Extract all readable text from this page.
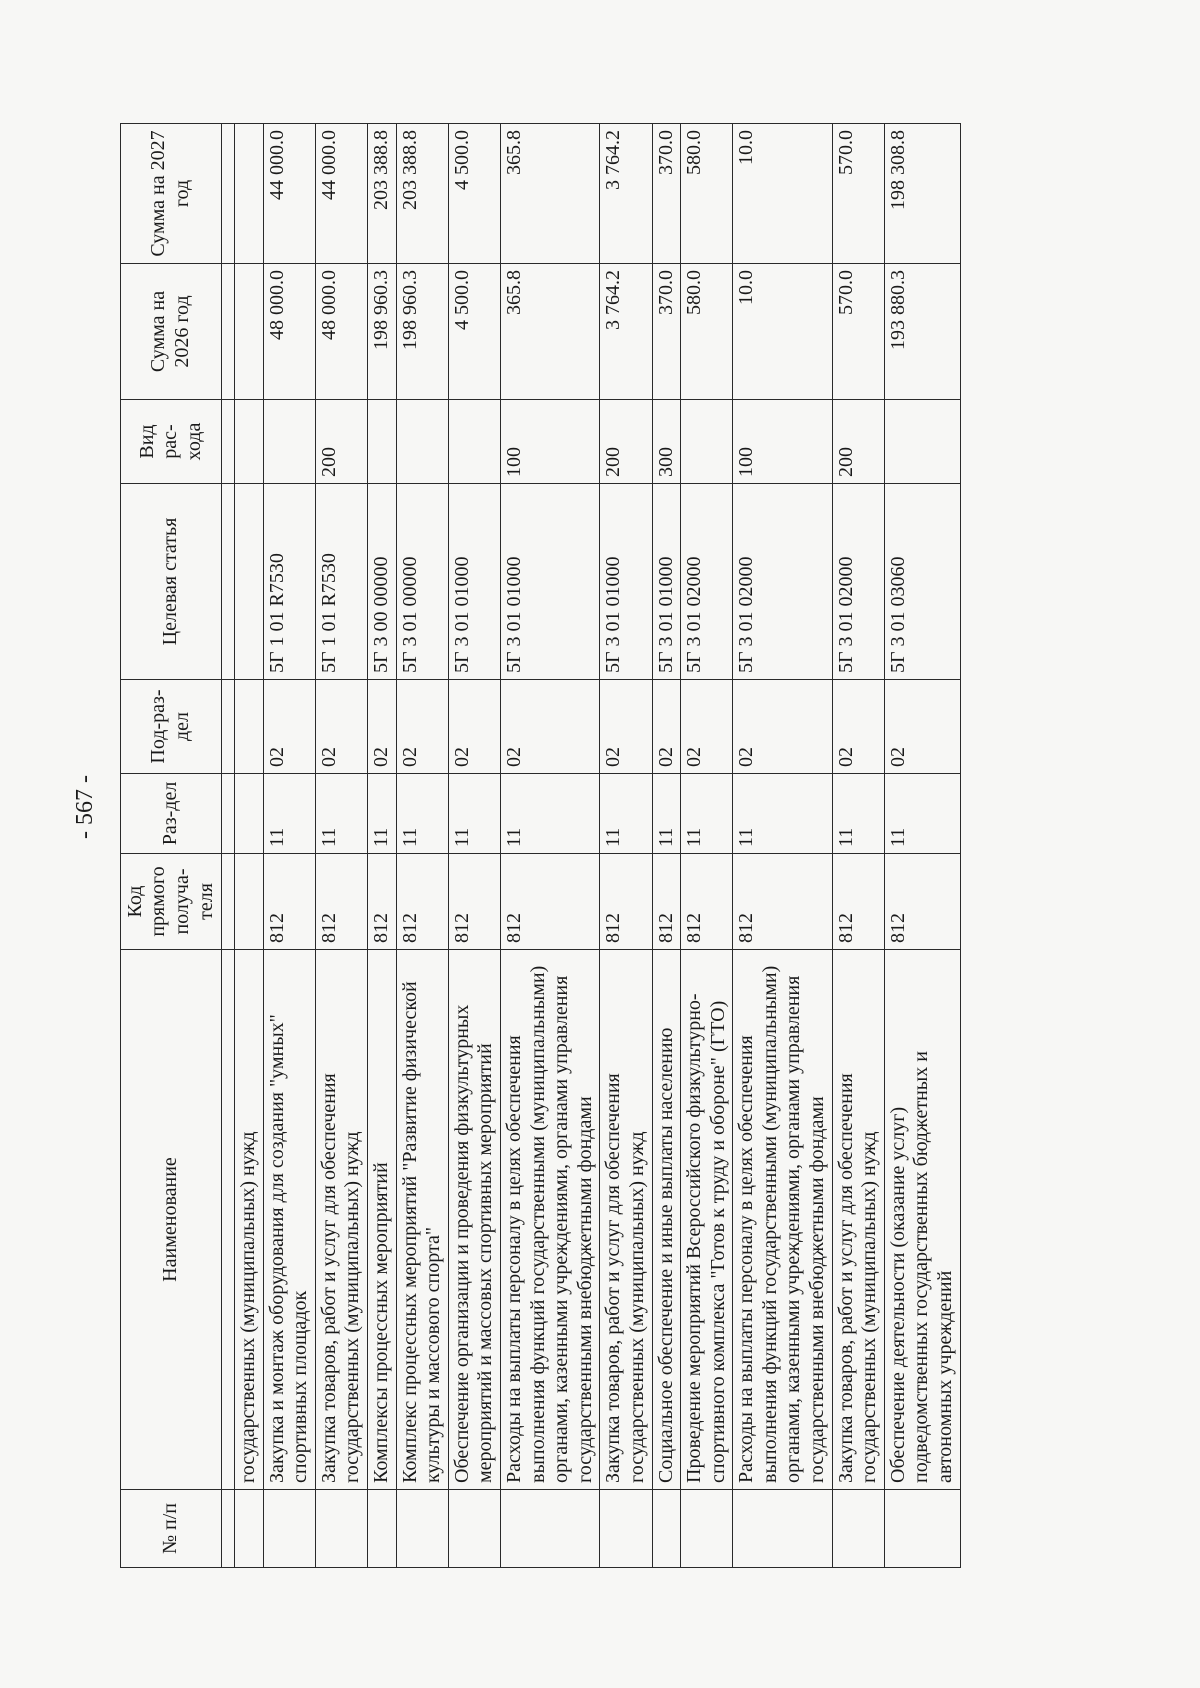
- 567 -
№ п/п	Наименование	Код прямого получа-теля	Раз-дел	Под-раз-дел	Целевая статья	Вид рас-хода	Сумма на 2026 год	Сумма на 2027 год

	государственных (муниципальных) нужд							
	Закупка и монтаж оборудования для создания "умных" спортивных площадок	812	11	02	5Г 1 01 R7530		48 000.0	44 000.0
	Закупка товаров, работ и услуг для обеспечения государственных (муниципальных) нужд	812	11	02	5Г 1 01 R7530	200	48 000.0	44 000.0
	Комплексы процессных мероприятий	812	11	02	5Г 3 00 00000		198 960.3	203 388.8
	Комплекс процессных мероприятий "Развитие физической культуры и массового спорта"	812	11	02	5Г 3 01 00000		198 960.3	203 388.8
	Обеспечение организации и проведения физкультурных мероприятий и массовых спортивных мероприятий	812	11	02	5Г 3 01 01000		4 500.0	4 500.0
	Расходы на выплаты персоналу в целях обеспечения выполнения функций государственными (муниципальными) органами, казенными учреждениями, органами управления государственными внебюджетными фондами	812	11	02	5Г 3 01 01000	100	365.8	365.8
	Закупка товаров, работ и услуг для обеспечения государственных (муниципальных) нужд	812	11	02	5Г 3 01 01000	200	3 764.2	3 764.2
	Социальное обеспечение и иные выплаты населению	812	11	02	5Г 3 01 01000	300	370.0	370.0
	Проведение мероприятий Всероссийского физкультурно-спортивного комплекса "Готов к труду и обороне" (ГТО)	812	11	02	5Г 3 01 02000		580.0	580.0
	Расходы на выплаты персоналу в целях обеспечения выполнения функций государственными (муниципальными) органами, казенными учреждениями, органами управления государственными внебюджетными фондами	812	11	02	5Г 3 01 02000	100	10.0	10.0
	Закупка товаров, работ и услуг для обеспечения государственных (муниципальных) нужд	812	11	02	5Г 3 01 02000	200	570.0	570.0
	Обеспечение деятельности (оказание услуг) подведомственных государственных бюджетных и автономных учреждений	812	11	02	5Г 3 01 03060		193 880.3	198 308.8
